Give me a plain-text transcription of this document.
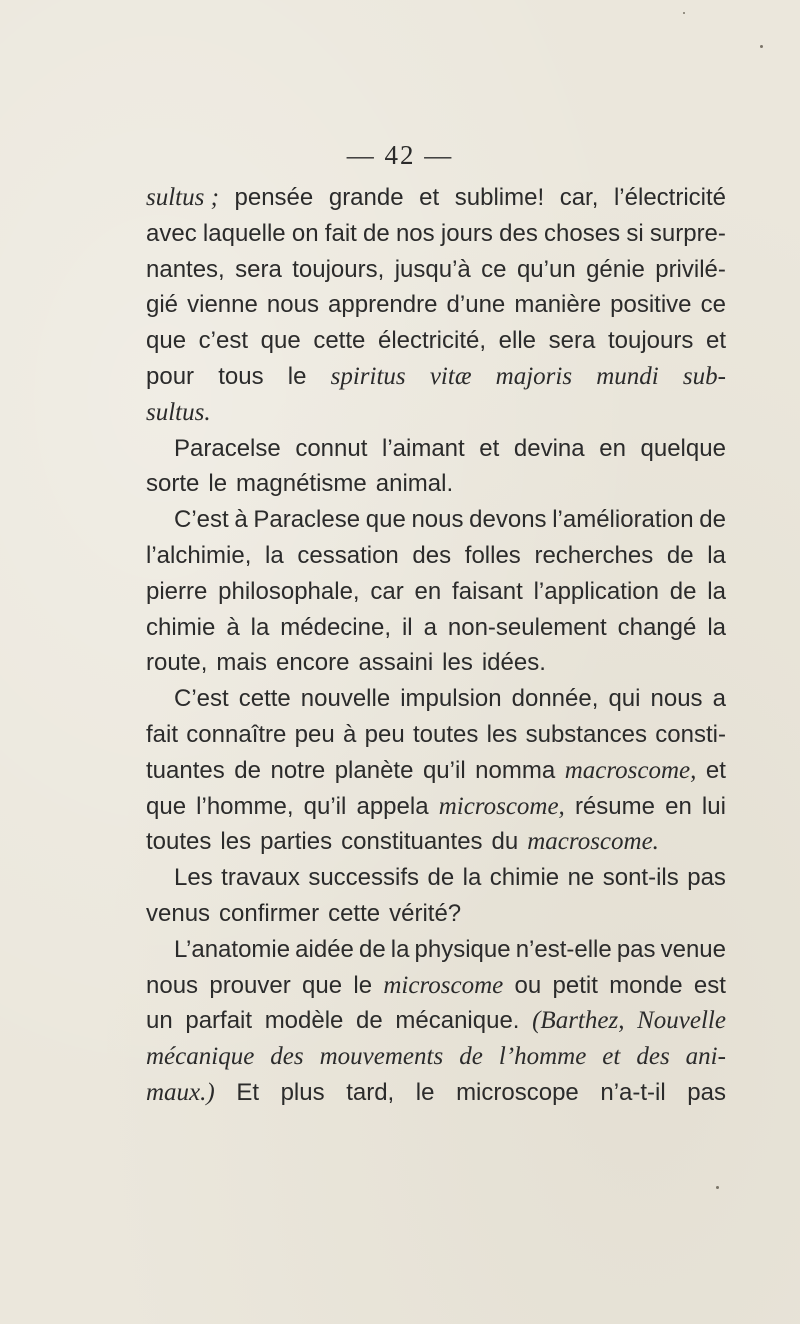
— 42 —
sultus ; pensée grande et sublime! car, l’électricité
avec laquelle on fait de nos jours des choses si surpre-
nantes, sera toujours, jusqu’à ce qu’un génie privilé-
gié vienne nous apprendre d’une manière positive ce
que c’est que cette électricité, elle sera toujours et
pour tous le spiritus vitæ majoris mundi sub-
sultus.
Paracelse connut l’aimant et devina en quelque
sorte le magnétisme animal.
C’est à Paraclese que nous devons l’amélioration de
l’alchimie, la cessation des folles recherches de la
pierre philosophale, car en faisant l’application de la
chimie à la médecine, il a non-seulement changé la
route, mais encore assaini les idées.
C’est cette nouvelle impulsion donnée, qui nous a
fait connaître peu à peu toutes les substances consti-
tuantes de notre planète qu’il nomma macroscome, et
que l’homme, qu’il appela microscome, résume en lui
toutes les parties constituantes du macroscome.
Les travaux successifs de la chimie ne sont-ils pas
venus confirmer cette vérité?
L’anatomie aidée de la physique n’est-elle pas venue
nous prouver que le microscome ou petit monde est
un parfait modèle de mécanique. (Barthez, Nouvelle
mécanique des mouvements de l’homme et des ani-
maux.) Et plus tard, le microscope n’a-t-il pas
